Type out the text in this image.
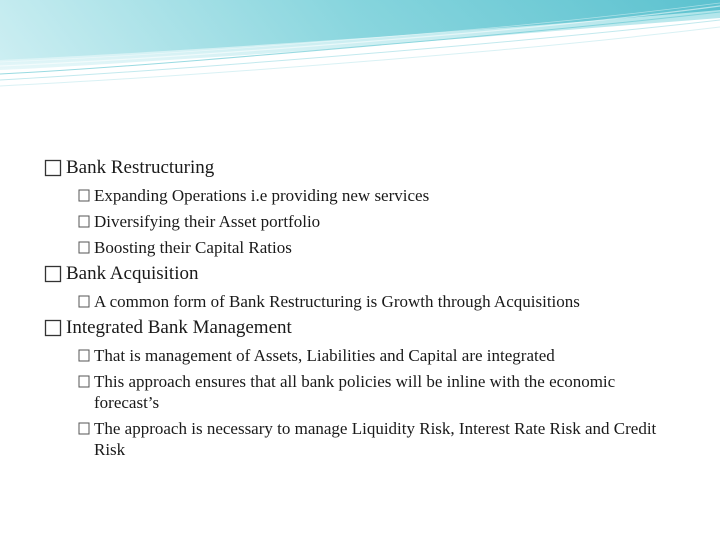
Bank Restructuring
Expanding Operations i.e providing new services
Diversifying their Asset portfolio
Boosting their Capital Ratios
Bank Acquisition
A common form of Bank Restructuring is Growth through Acquisitions
Integrated Bank Management
That is management of Assets, Liabilities and Capital are integrated
This approach ensures that all bank policies will be inline with the economic forecast’s
The approach is necessary to manage Liquidity Risk, Interest Rate Risk and Credit Risk
